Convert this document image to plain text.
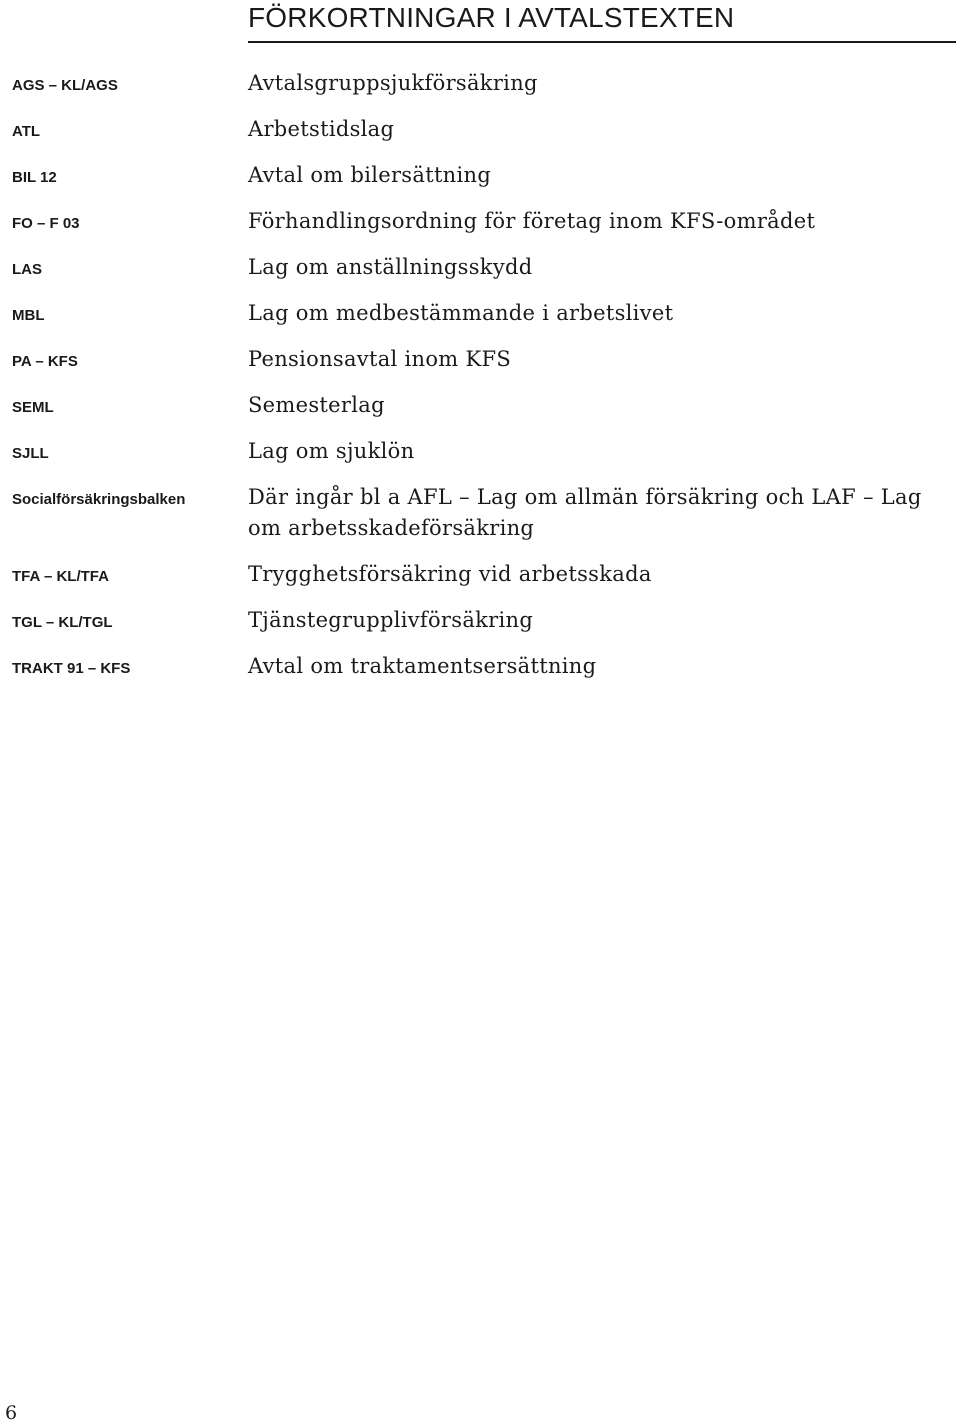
FÖRKORTNINGAR I AVTALSTEXTEN
AGS – KL/AGS	Avtalsgruppsjukförsäkring
ATL	Arbetstidslag
BIL 12	Avtal om bilersättning
FO – F 03	Förhandlingsordning för företag inom KFS-området
LAS	Lag om anställningsskydd
MBL	Lag om medbestämmande i arbetslivet
PA – KFS	Pensionsavtal inom KFS
SEML	Semesterlag
SJLL	Lag om sjuklön
Socialförsäkringsbalken	Där ingår bl a AFL – Lag om allmän försäkring och LAF – Lag om arbetsskadeförsäkring
TFA – KL/TFA	Trygghetsförsäkring vid arbetsskada
TGL – KL/TGL	Tjänstegrupplivförsäkring
TRAKT 91 – KFS	Avtal om traktamentsersättning
6
